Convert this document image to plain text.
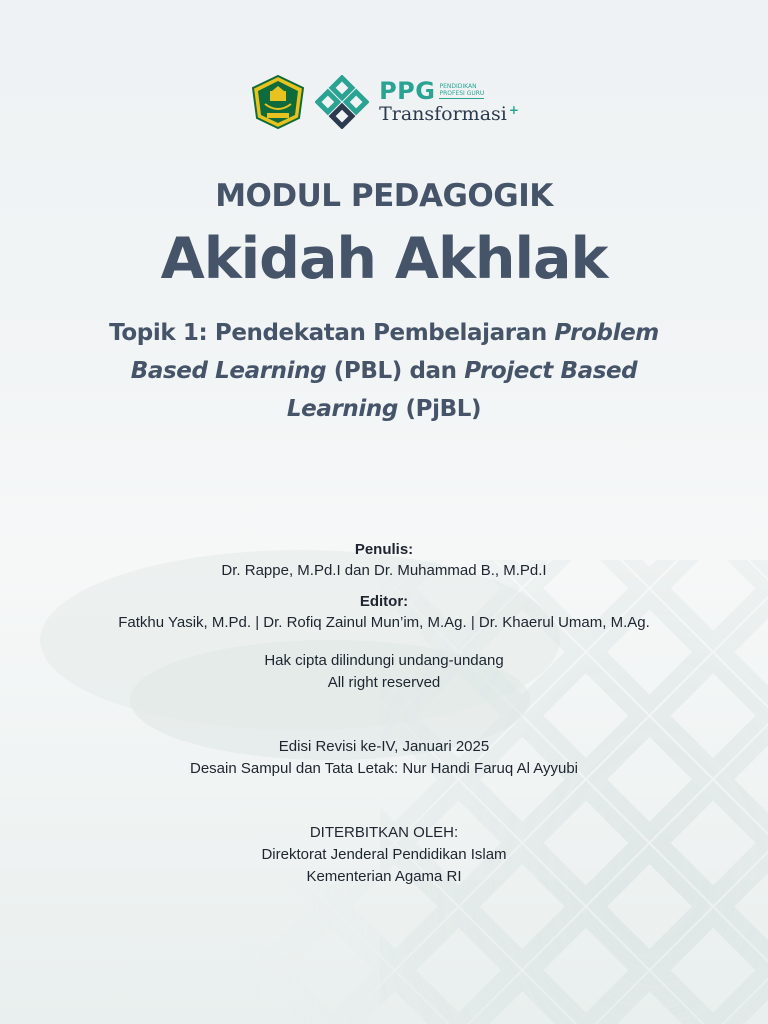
PPG PENDIDIKAN
PROFESI GURU
Transformasi +
MODUL PEDAGOGIK
Akidah Akhlak
Topik 1: Pendekatan Pembelajaran Problem Based Learning (PBL) dan Project Based Learning (PjBL)
Penulis:
Dr. Rappe, M.Pd.I dan Dr. Muhammad B., M.Pd.I
Editor:
Fatkhu Yasik, M.Pd. | Dr. Rofiq Zainul Mun’im, M.Ag. | Dr. Khaerul Umam, M.Ag.
Hak cipta dilindungi undang-undang
All right reserved
Edisi Revisi ke-IV, Januari 2025
Desain Sampul dan Tata Letak: Nur Handi Faruq Al Ayyubi
DITERBITKAN OLEH:
Direktorat Jenderal Pendidikan Islam
Kementerian Agama RI
